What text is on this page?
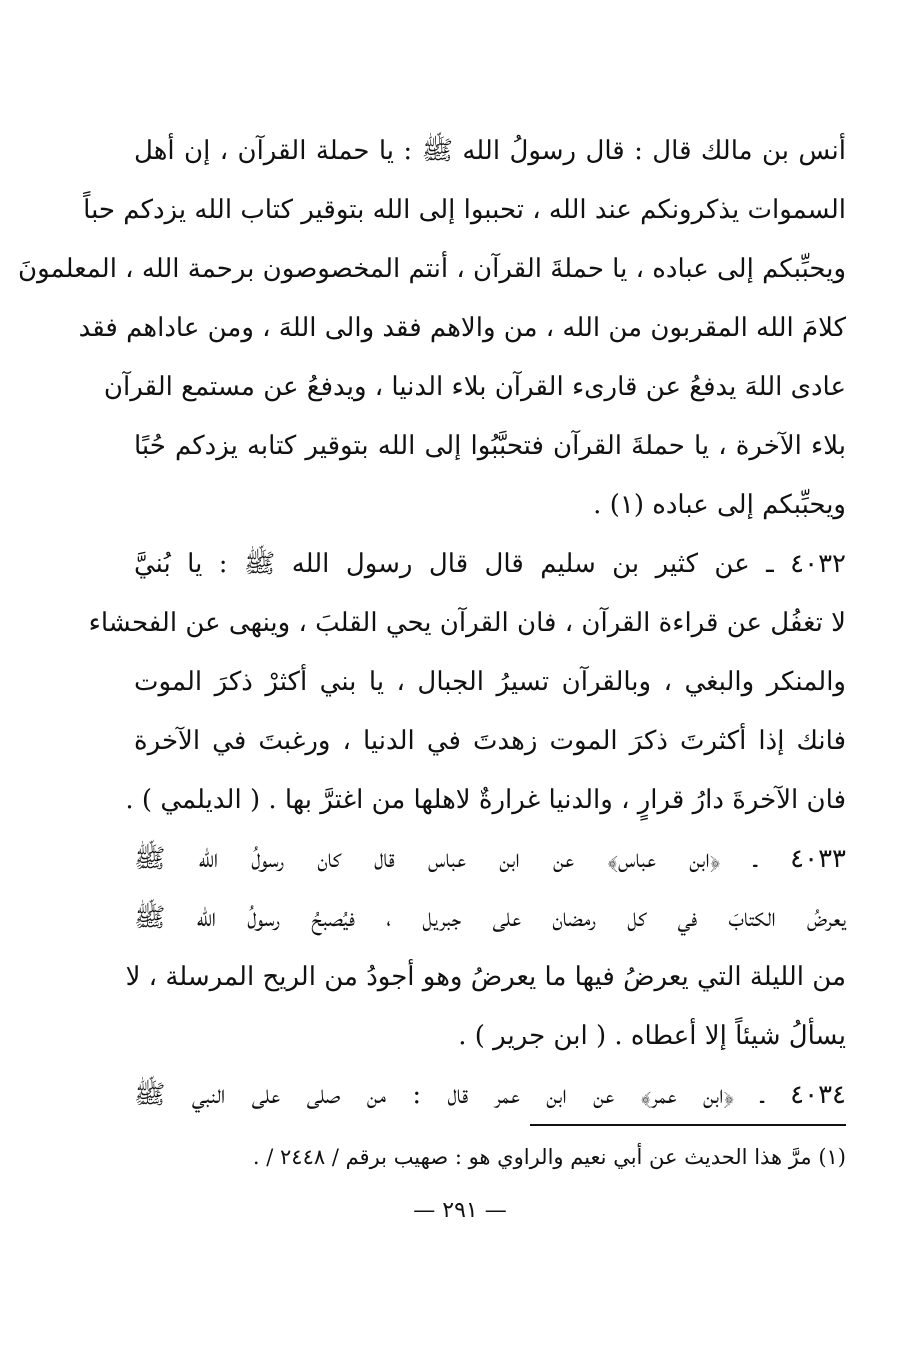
أنس بن مالك قال : قال رسولُ الله ﷺ : يا حملة القرآن ، إن أهل
السموات يذكرونكم عند الله ، تحببوا إلى الله بتوقير كتاب الله يزدكم حباً
ويحبِّبكم إلى عباده ، يا حملةَ القرآن ، أنتم المخصوصون برحمة الله ، المعلمونَ
كلامَ الله المقربون من الله ، من والاهم فقد والى اللهَ ، ومن عاداهم فقد
عادى اللهَ يدفعُ عن قارىء القرآن بلاء الدنيا ، ويدفعُ عن مستمع القرآن
بلاء الآخرة ، يا حملةَ القرآن فتحبَّبُوا إلى الله بتوقير كتابه يزدكم حُبًا
ويحبِّبكم إلى عباده (١) .
٤٠٣٢ ـ عن كثير بن سليم قال قال رسول الله ﷺ : يا بُنيَّ
لا تغفُل عن قراءة القرآن ، فان القرآن يحي القلبَ ، وينهى عن الفحشاء
والمنكر والبغي ، وبالقرآن تسيرُ الجبال ، يا بني أكثرْ ذكرَ الموت
فانك إذا أكثرتَ ذكرَ الموت زهدتَ في الدنيا ، ورغبتَ في الآخرة
فان الآخرةَ دارُ قرارٍ ، والدنيا غرارةٌ لاهلها من اغترَّ بها . ( الديلمي ) .
٤٠٣٣ ـ ﴿ابن عباس﴾ عن ابن عباس قال كان رسولُ الله ﷺ
يعرضُ الكتابَ في كل رمضان على جبريل ، فيُصبحُ رسولُ الله ﷺ
من الليلة التي يعرضُ فيها ما يعرضُ وهو أجودُ من الريح المرسلة ، لا
يسألُ شيئاً إلا أعطاه . ( ابن جرير ) .
٤٠٣٤ ـ ﴿ابن عمر﴾ عن ابن عمر قال : من صلى على النبي ﷺ
(١) مرَّ هذا الحديث عن أبي نعيم والراوي هو : صهيب برقم / ٢٤٤٨ / .
— ٢٩١ —
